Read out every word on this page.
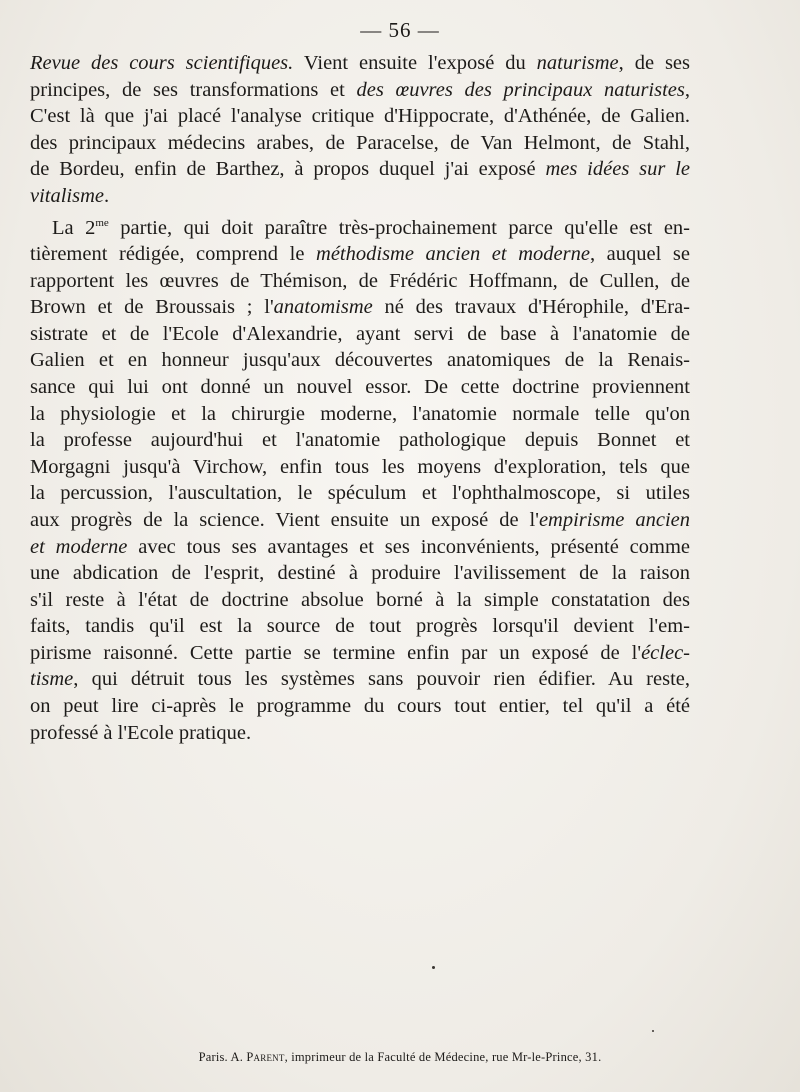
— 56 —
Revue des cours scientifiques. Vient ensuite l'exposé du naturisme, de ses
principes, de ses transformations et des œuvres des principaux naturistes,
C'est là que j'ai placé l'analyse critique d'Hippocrate, d'Athénée, de Galien.
des principaux médecins arabes, de Paracelse, de Van Helmont, de Stahl,
de Bordeu, enfin de Barthez, à propos duquel j'ai exposé mes idées sur le
vitalisme.
La $2^{me}$ partie, qui doit paraître très-prochainement parce qu'elle est en-
tièrement rédigée, comprend le méthodisme ancien et moderne, auquel se
rapportent les œuvres de Thémison, de Frédéric Hoffmann, de Cullen, de
Brown et de Broussais ; l'anatomisme né des travaux d'Hérophile, d'Era-
sistrate et de l'Ecole d'Alexandrie, ayant servi de base à l'anatomie de
Galien et en honneur jusqu'aux découvertes anatomiques de la Renais-
sance qui lui ont donné un nouvel essor. De cette doctrine proviennent
la physiologie et la chirurgie moderne, l'anatomie normale telle qu'on
la professe aujourd'hui et l'anatomie pathologique depuis Bonnet et
Morgagni jusqu'à Virchow, enfin tous les moyens d'exploration, tels que
la percussion, l'auscultation, le spéculum et l'ophthalmoscope, si utiles
aux progrès de la science. Vient ensuite un exposé de l'empirisme ancien
et moderne avec tous ses avantages et ses inconvénients, présenté comme
une abdication de l'esprit, destiné à produire l'avilissement de la raison
s'il reste à l'état de doctrine absolue borné à la simple constatation des
faits, tandis qu'il est la source de tout progrès lorsqu'il devient l'em-
pirisme raisonné. Cette partie se termine enfin par un exposé de l'éclec-
tisme, qui détruit tous les systèmes sans pouvoir rien édifier. Au reste,
on peut lire ci-après le programme du cours tout entier, tel qu'il a été
professé à l'Ecole pratique.
Paris. A. Parent, imprimeur de la Faculté de Médecine, rue Mr-le-Prince, 31.
